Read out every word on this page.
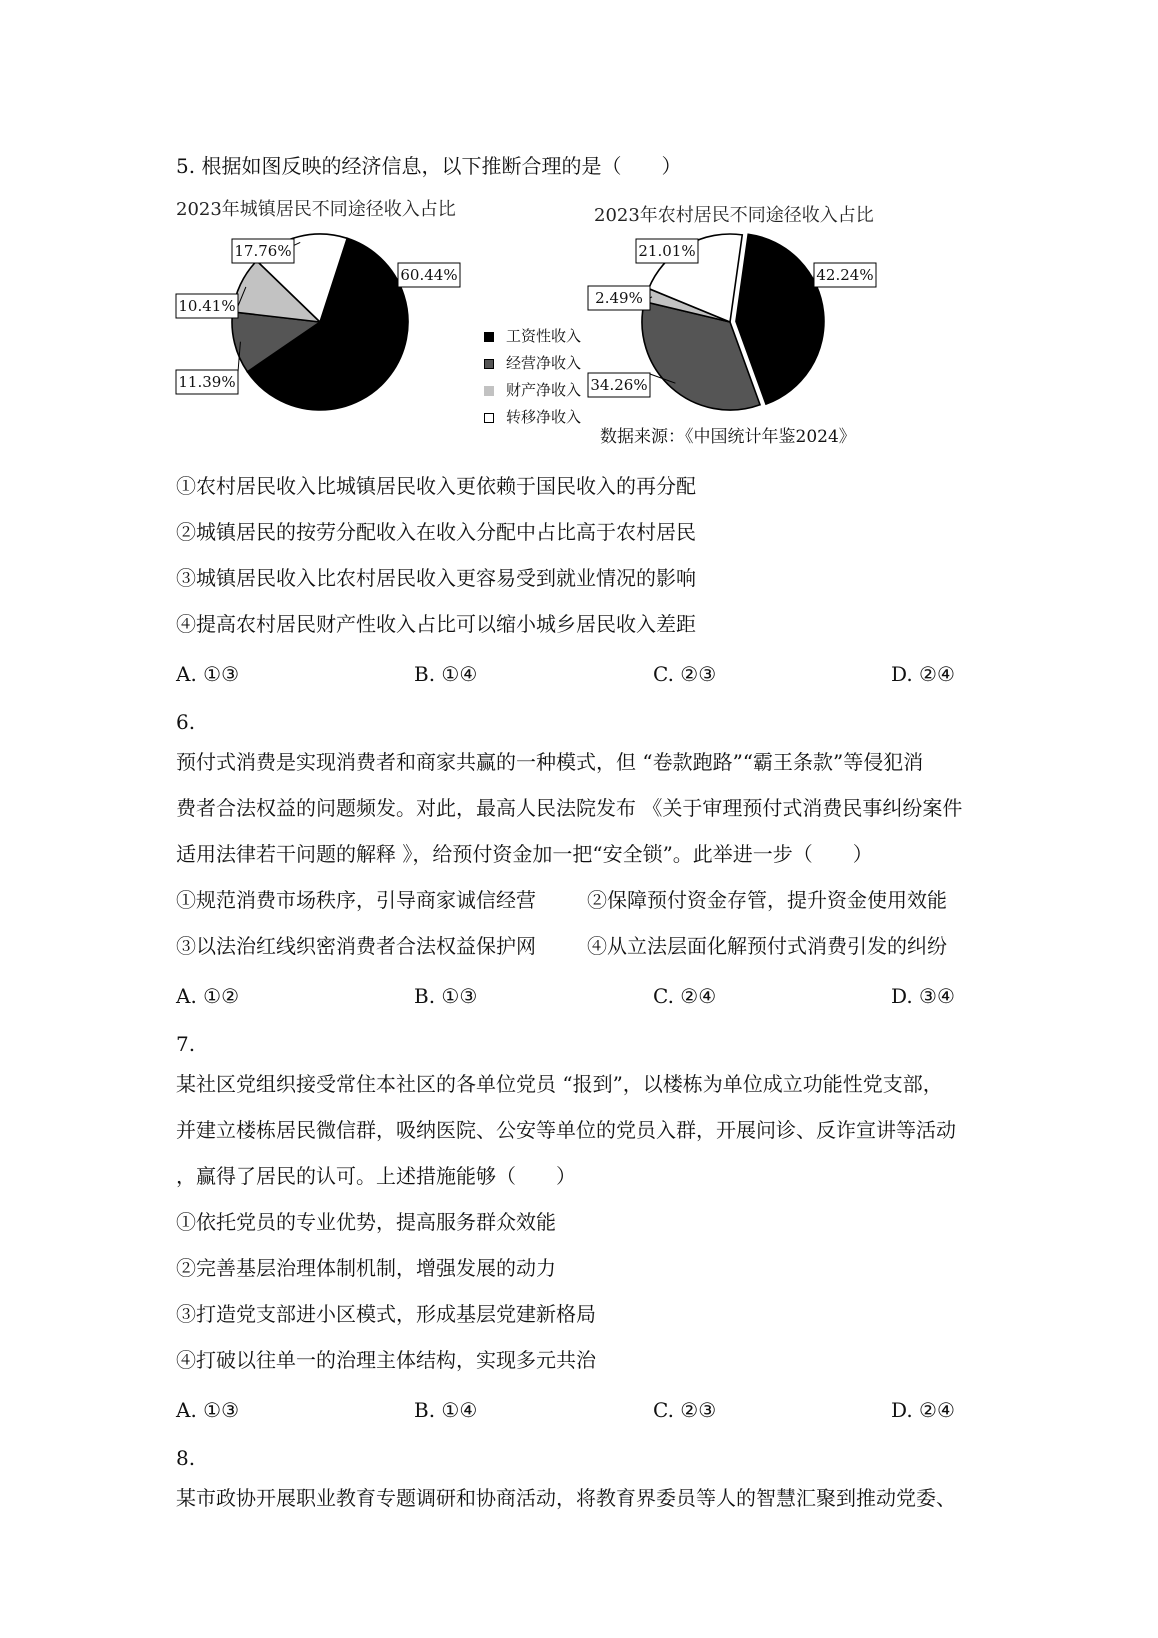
5. 根据如图反映的经济信息，以下推断合理的是（　　）
2023年城镇居民不同途径收入占比	2023年农村居民不同途径收入占比
60.44%
11.39%
10.41%
17.76%
42.24%
34.26%
2.49%
21.01%
工资性收入
经营净收入
财产净收入
转移净收入
数据来源：《中国统计年鉴2024》
①农村居民收入比城镇居民收入更依赖于国民收入的再分配
②城镇居民的按劳分配收入在收入分配中占比高于农村居民
③城镇居民收入比农村居民收入更容易受到就业情况的影响
④提高农村居民财产性收入占比可以缩小城乡居民收入差距
A. ①③	B. ①④	C. ②③	D. ②④
6.
预付式消费是实现消费者和商家共赢的一种模式，但 “卷款跑路”“霸王条款”等侵犯消
费者合法权益的问题频发。对此，最高人民法院发布 《关于审理预付式消费民事纠纷案件
适用法律若干问题的解释 》，给预付资金加一把“安全锁”。此举进一步（　　）
①规范消费市场秩序，引导商家诚信经营	②保障预付资金存管，提升资金使用效能
③以法治红线织密消费者合法权益保护网	④从立法层面化解预付式消费引发的纠纷
A. ①②	B. ①③	C. ②④	D. ③④
7.
某社区党组织接受常住本社区的各单位党员 “报到”，以楼栋为单位成立功能性党支部，
并建立楼栋居民微信群，吸纳医院、公安等单位的党员入群，开展问诊、反诈宣讲等活动
，赢得了居民的认可。上述措施能够（　　）
①依托党员的专业优势，提高服务群众效能
②完善基层治理体制机制，增强发展的动力
③打造党支部进小区模式，形成基层党建新格局
④打破以往单一的治理主体结构，实现多元共治
A. ①③	B. ①④	C. ②③	D. ②④
8.
某市政协开展职业教育专题调研和协商活动，将教育界委员等人的智慧汇聚到推动党委、
